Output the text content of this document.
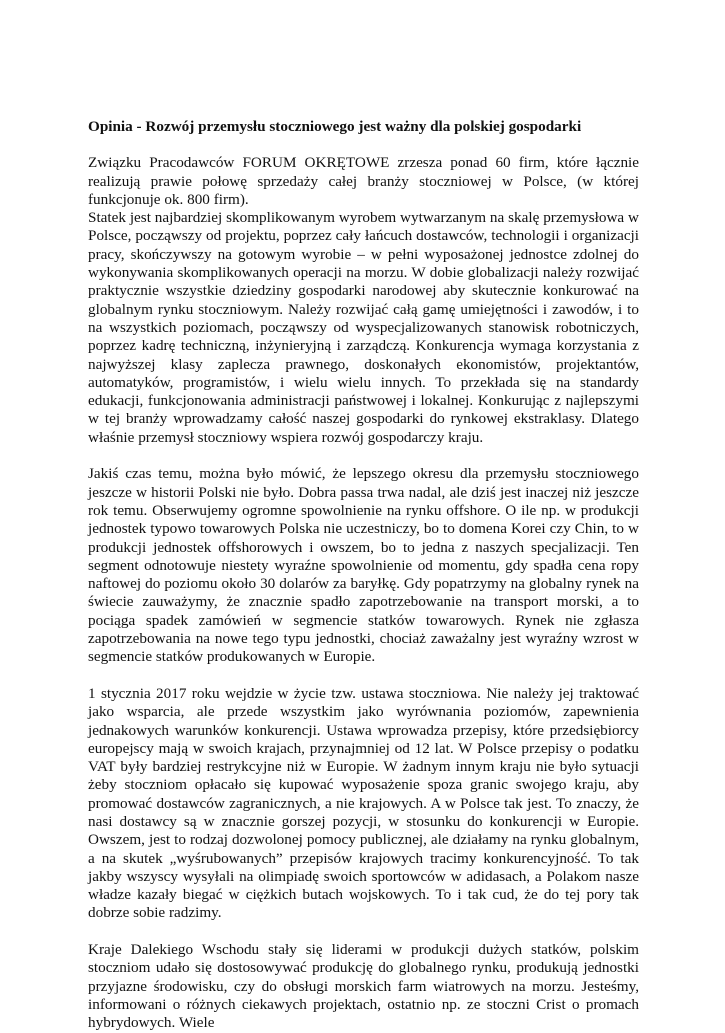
Opinia - Rozwój przemysłu stoczniowego jest ważny dla polskiej gospodarki

Związku Pracodawców FORUM OKRĘTOWE zrzesza ponad 60 firm, które łącznie realizują prawie połowę sprzedaży całej branży stoczniowej w Polsce, (w której funkcjonuje ok. 800 firm).

Statek jest najbardziej skomplikowanym wyrobem wytwarzanym na skalę przemysłowa w Polsce, począwszy od projektu, poprzez cały łańcuch dostawców, technologii i organizacji pracy, skończywszy na gotowym wyrobie – w pełni wyposażonej jednostce zdolnej do wykonywania skomplikowanych operacji na morzu. W dobie globalizacji należy rozwijać praktycznie wszystkie dziedziny gospodarki narodowej aby skutecznie konkurować na globalnym rynku stoczniowym. Należy rozwijać całą gamę umiejętności i zawodów, i to na wszystkich poziomach, począwszy od wyspecjalizowanych stanowisk robotniczych, poprzez kadrę techniczną, inżynieryjną i zarządczą. Konkurencja wymaga korzystania z najwyższej klasy zaplecza prawnego, doskonałych ekonomistów, projektantów, automatyków, programistów, i wielu wielu innych. To przekłada się na standardy edukacji, funkcjonowania administracji państwowej i lokalnej. Konkurując z najlepszymi w tej branży wprowadzamy całość naszej gospodarki do rynkowej ekstraklasy. Dlatego właśnie przemysł stoczniowy wspiera rozwój gospodarczy kraju.

Jakiś czas temu, można było mówić, że lepszego okresu dla przemysłu stoczniowego jeszcze w historii Polski nie było. Dobra passa trwa nadal, ale dziś jest inaczej niż jeszcze rok temu. Obserwujemy ogromne spowolnienie na rynku offshore. O ile np. w produkcji jednostek typowo towarowych Polska nie uczestniczy, bo to domena Korei czy Chin, to w produkcji jednostek offshorowych i owszem, bo to jedna z naszych specjalizacji. Ten segment odnotowuje niestety wyraźne spowolnienie od momentu, gdy spadła cena ropy naftowej do poziomu około 30 dolarów za baryłkę. Gdy popatrzymy na globalny rynek na świecie zauważymy, że znacznie spadło zapotrzebowanie na transport morski, a to pociąga spadek zamówień w segmencie statków towarowych. Rynek nie zgłasza zapotrzebowania na nowe tego typu jednostki, chociaż zaważalny jest wyraźny wzrost w segmencie statków produkowanych w Europie.

1 stycznia 2017 roku wejdzie w życie tzw. ustawa stoczniowa. Nie należy jej traktować jako wsparcia, ale przede wszystkim jako wyrównania poziomów, zapewnienia jednakowych warunków konkurencji. Ustawa wprowadza przepisy, które przedsiębiorcy europejscy mają w swoich krajach, przynajmniej od 12 lat. W Polsce przepisy o podatku VAT były bardziej restrykcyjne niż w Europie. W żadnym innym kraju nie było sytuacji żeby stoczniom opłacało się kupować wyposażenie spoza granic swojego kraju, aby promować dostawców zagranicznych, a nie krajowych. A w Polsce tak jest. To znaczy, że nasi dostawcy są w znacznie gorszej pozycji, w stosunku do konkurencji w Europie. Owszem, jest to rodzaj dozwolonej pomocy publicznej, ale działamy na rynku globalnym, a na skutek „wyśrubowanych” przepisów krajowych tracimy konkurencyjność. To tak jakby wszyscy wysyłali na olimpiadę swoich sportowców w adidasach, a Polakom nasze władze kazały biegać w ciężkich butach wojskowych. To i tak cud, że do tej pory tak dobrze sobie radzimy.

Kraje Dalekiego Wschodu stały się liderami w produkcji dużych statków, polskim stoczniom udało się dostosowywać produkcję do globalnego rynku, produkują jednostki przyjazne środowisku, czy do obsługi morskich farm wiatrowych na morzu. Jesteśmy, informowani o różnych ciekawych projektach, ostatnio np. ze stoczni Crist o promach hybrydowych. Wiele
